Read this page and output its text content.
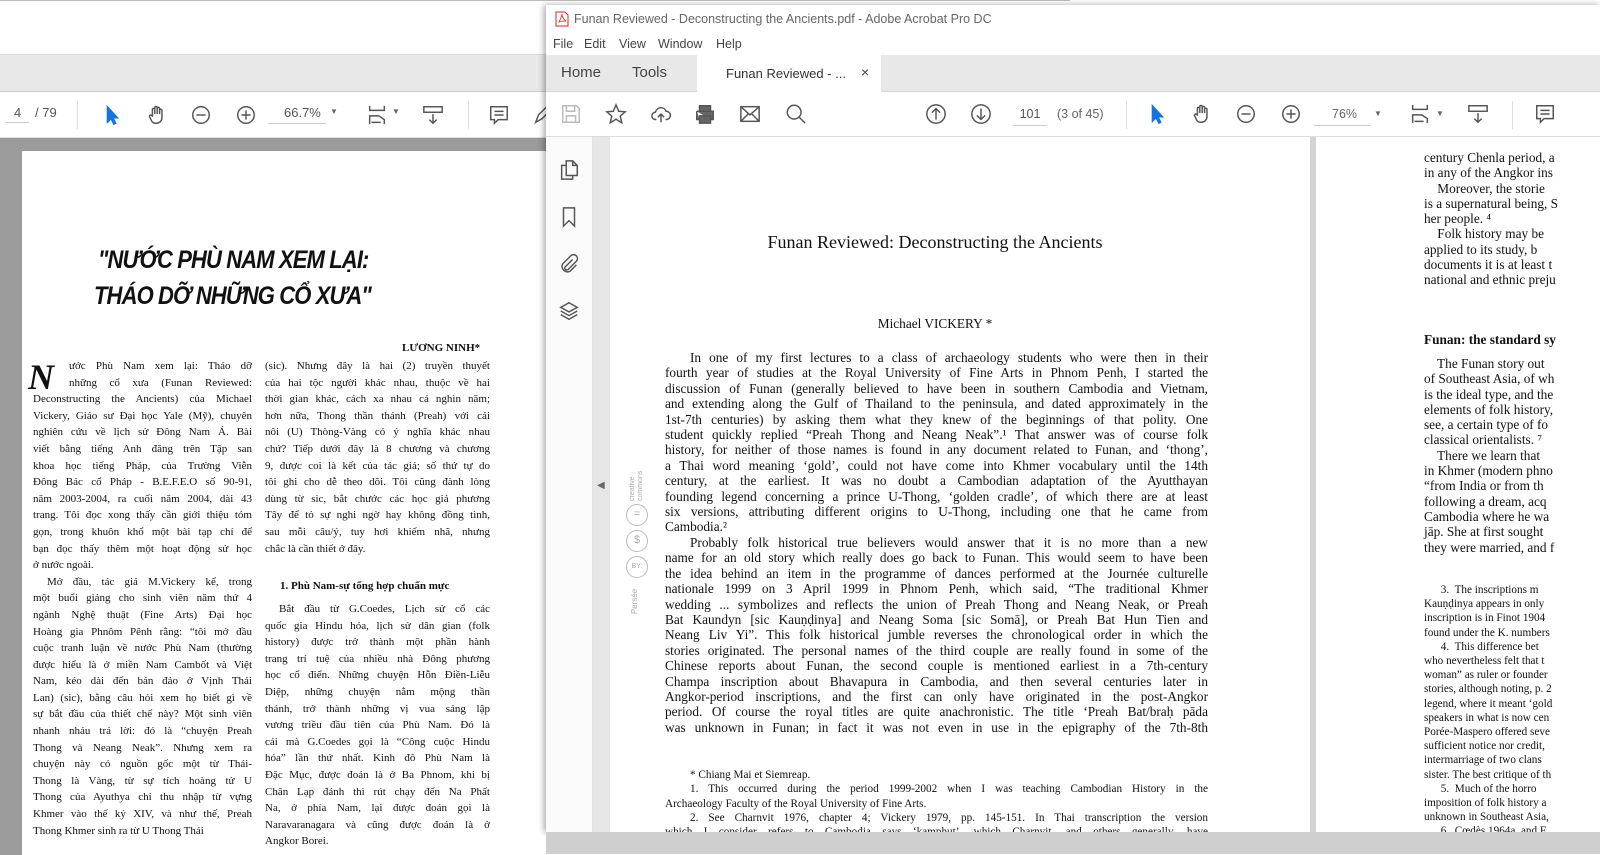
4	/ 79	66.7%	▼	▼
"NƯỚC PHÙ NAM XEM LẠI:
THÁO DỠ NHỮNG CỔ XƯA"
LƯƠNG NINH*
N	ước Phù Nam xem lại: Tháo dỡ
những cổ xưa (Funan Reviewed:
Deconstructing the Ancients) của Michael
Vickery, Giáo sư Đại học Yale (Mỹ), chuyên
nghiên cứu về lịch sử Đông Nam Á. Bài
viết bằng tiếng Anh đăng trên Tập san
khoa học tiếng Pháp, của Trường Viễn
Đông Bác cổ Pháp - B.E.F.E.O số 90-91,
năm 2003-2004, ra cuối năm 2004, dài 43
trang. Tôi đọc xong thấy cần giới thiệu tóm
gọn, trong khuôn khổ một bài tạp chí để
bạn đọc thấy thêm một hoạt động sử học
ở nước ngoài.
Mở đầu, tác giả M.Vickery kể, trong
một buổi giảng cho sinh viên năm thứ 4
ngành Nghệ thuật (Fine Arts) Đại học
Hoàng gia Phnôm Pênh rằng: “tôi mở đầu
cuộc tranh luận về nước Phù Nam (thường
được hiểu là ở miền Nam Cambốt và Việt
Nam, kéo dài đến bán đảo ở Vịnh Thái
Lan) (sic), bằng câu hỏi xem họ biết gì về
sự bắt đầu của thiết chế này? Một sinh viên
nhanh nhảu trả lời: đó là “chuyện Preah
Thong và Neang Neak”. Nhưng xem ra
chuyện này có nguồn gốc một từ Thái-
Thong là Vàng, từ sự tích hoàng tử U
Thong của Ayuthya chỉ thu nhập từ vựng
Khmer vào thế kỷ XIV, và như thế, Preah
Thong Khmer sinh ra từ U Thong Thái
(sic). Nhưng đây là hai (2) truyền thuyết
của hai tộc người khác nhau, thuộc về hai
thời gian khác, cách xa nhau cả nghìn năm;
hơn nữa, Thong thần thánh (Preah) với cái
nôi (U) Thòng-Vàng có ý nghĩa khác nhau
chứ? Tiếp dưới đây là 8 chương và chương
9, được coi là kết của tác giả; số thứ tự do
tôi ghi cho dễ theo dõi. Tôi cũng đành lòng
dùng từ sic, bắt chước các học giả phương
Tây để tỏ sự nghi ngờ hay không đồng tình,
sau mỗi câu/ý, tuy hơi khiếm nhã, nhưng
chắc là cần thiết ở đây.
1. Phù Nam-sự tổng hợp chuẩn mực
Bắt đầu từ G.Coedes, Lịch sử cổ các
quốc gia Hindu hóa, lịch sử dân gian (folk
history) được trở thành một phần hành
trang trí tuệ của nhiều nhà Đông phương
học cổ điển. Những chuyện Hỗn Điền-Liễu
Diệp, những chuyện nằm mộng thần
thánh, trở thành những vị vua sáng lập
vương triều đầu tiên của Phù Nam. Đó là
cái mà G.Coedes gọi là “Công cuộc Hindu
hóa” lần thứ nhất. Kinh đô Phù Nam là
Đặc Mục, được đoán là ở Ba Phnom, khi bị
Chân Lạp đánh thì rút chạy đến Na Phất
Na, ở phía Nam, lại được đoán gọi là
Naravaranagara và cũng được đoán là ở
Angkor Borei.
Funan Reviewed - Deconstructing the Ancients.pdf - Adobe Acrobat Pro DC
File Edit View Window Help
Home Tools	Funan Reviewed - ... ×
101	(3 of 45)	76%	▼	▼
◀	creative commons
=
$
BY:
Persée
Funan Reviewed: Deconstructing the Ancients
Michael VICKERY *
In one of my first lectures to a class of archaeology students who were then in their
fourth year of studies at the Royal University of Fine Arts in Phnom Penh, I started the
discussion of Funan (generally believed to have been in southern Cambodia and Vietnam,
and extending along the Gulf of Thailand to the peninsula, and dated approximately in the
1st-7th centuries) by asking them what they knew of the beginnings of that polity. One
student quickly replied “Preah Thong and Neang Neak”.¹ That answer was of course folk
history, for neither of those names is found in any document related to Funan, and ‘thong’,
a Thai word meaning ‘gold’, could not have come into Khmer vocabulary until the 14th
century, at the earliest. It was no doubt a Cambodian adaptation of the Ayutthayan
founding legend concerning a prince U-Thong, ‘golden cradle’, of which there are at least
six versions, attributing different origins to U-Thong, including one that he came from
Cambodia.²
Probably folk historical true believers would answer that it is no more than a new
name for an old story which really does go back to Funan. This would seem to have been
the idea behind an item in the programme of dances performed at the Journée culturelle
nationale 1999 on 3 April 1999 in Phnom Penh, which said, “The traditional Khmer
wedding ... symbolizes and reflects the union of Preah Thong and Neang Neak, or Preah
Bat Kaundyn [sic Kauṇḍinya] and Neang Soma [sic Somā], or Preah Bat Hun Tien and
Neang Liv Yi”. This folk historical jumble reverses the chronological order in which the
stories originated. The personal names of the third couple are really found in some of the
Chinese reports about Funan, the second couple is mentioned earliest in a 7th-century
Champa inscription about Bhavapura in Cambodia, and then several centuries later in
Angkor-period inscriptions, and the first can only have originated in the post-Angkor
period. Of course the royal titles are quite anachronistic. The title ‘Preah Bat/braḥ pāda
was unknown in Funan; in fact it was not even in use in the epigraphy of the 7th-8th
* Chiang Mai et Siemreap.
1. This occurred during the period 1999-2002 when I was teaching Cambodian History in the
Archaeology Faculty of the Royal University of Fine Arts.
2. See Charnvit 1976, chapter 4; Vickery 1979, pp. 145-151. In Thai transcription the version
century Chenla period, a
in any of the Angkor ins
Moreover, the storie
is a supernatural being, S
her people. ⁴
Folk history may be
applied to its study, b
documents it is at least t
national and ethnic preju
Funan: the standard sy
The Funan story out
of Southeast Asia, of wh
is the ideal type, and the
elements of folk history,
see, a certain type of fo
classical orientalists. ⁷
There we learn that
in Khmer (modern phno
“from India or from th
following a dream, acq
Cambodia where he wa
jāp. She at first sought
they were married, and f
3.  The inscriptions m
Kauṇḍinya appears in only
inscription is in Finot 1904
found under the K. numbers
4.  This difference bet
who nevertheless felt that t
woman” as ruler or founder
stories, although noting, p. 2
legend, where it meant ‘gold
speakers in what is now cen
Porée-Maspero offered seve
sufficient notice nor credit,
intermarriage of two clans
sister. The best critique of th
5.  Much of the horro
imposition of folk history a
unknown in Southeast Asia,
